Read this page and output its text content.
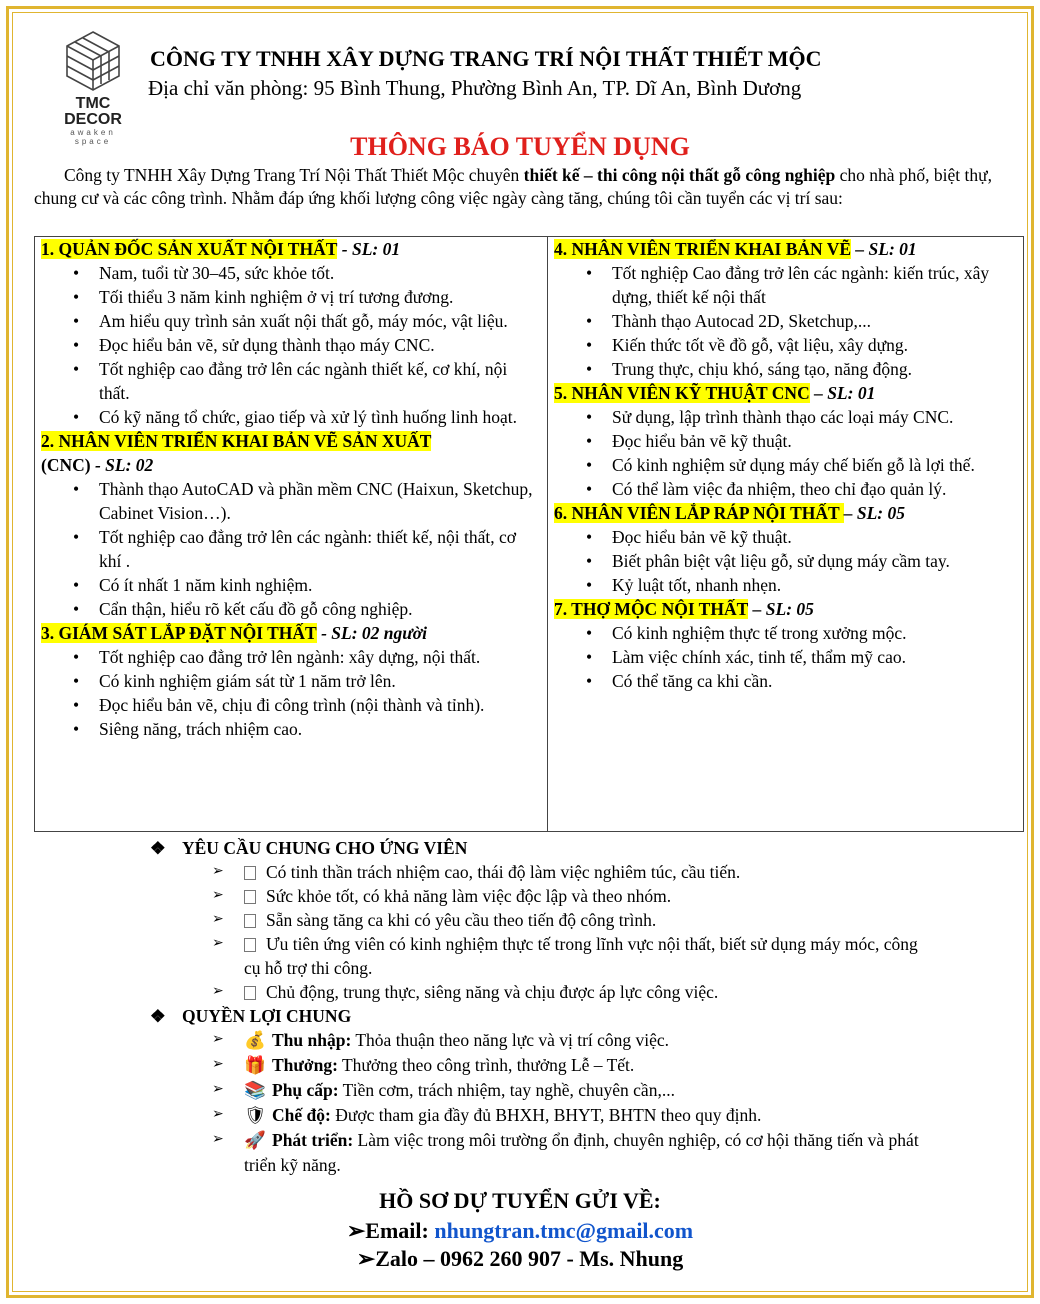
TMC DECOR
awaken space
CÔNG TY TNHH XÂY DỰNG TRANG TRÍ NỘI THẤT THIẾT MỘC
Địa chỉ văn phòng: 95 Bình Thung, Phường Bình An, TP. Dĩ An, Bình Dương
THÔNG BÁO TUYỂN DỤNG
Công ty TNHH Xây Dựng Trang Trí Nội Thất Thiết Mộc chuyên thiết kế – thi công nội thất gỗ công nghiệp cho nhà phố, biệt thự, chung cư và các công trình. Nhằm đáp ứng khối lượng công việc ngày càng tăng, chúng tôi cần tuyển các vị trí sau:
1. QUẢN ĐỐC SẢN XUẤT NỘI THẤT - SL: 01
• Nam, tuổi từ 30–45, sức khỏe tốt.
• Tối thiểu 3 năm kinh nghiệm ở vị trí tương đương.
• Am hiểu quy trình sản xuất nội thất gỗ, máy móc, vật liệu.
• Đọc hiểu bản vẽ, sử dụng thành thạo máy CNC.
• Tốt nghiệp cao đẳng trở lên các ngành thiết kế, cơ khí, nội thất.
• Có kỹ năng tổ chức, giao tiếp và xử lý tình huống linh hoạt.
2. NHÂN VIÊN TRIỂN KHAI BẢN VẼ SẢN XUẤT
(CNC) - SL: 02
• Thành thạo AutoCAD và phần mềm CNC (Haixun, Sketchup, Cabinet Vision…).
• Tốt nghiệp cao đẳng trở lên các ngành: thiết kế, nội thất, cơ khí .
• Có ít nhất 1 năm kinh nghiệm.
• Cẩn thận, hiểu rõ kết cấu đồ gỗ công nghiệp.
3. GIÁM SÁT LẮP ĐẶT NỘI THẤT - SL: 02 người
• Tốt nghiệp cao đẳng trở lên ngành: xây dựng, nội thất.
• Có kinh nghiệm giám sát từ 1 năm trở lên.
• Đọc hiểu bản vẽ, chịu đi công trình (nội thành và tỉnh).
• Siêng năng, trách nhiệm cao.
4. NHÂN VIÊN TRIỂN KHAI BẢN VẼ – SL: 01
• Tốt nghiệp Cao đẳng trở lên các ngành: kiến trúc, xây dựng, thiết kế nội thất
• Thành thạo Autocad 2D, Sketchup,...
• Kiến thức tốt về đồ gỗ, vật liệu, xây dựng.
• Trung thực, chịu khó, sáng tạo, năng động.
5. NHÂN VIÊN KỸ THUẬT CNC – SL: 01
• Sử dụng, lập trình thành thạo các loại máy CNC.
• Đọc hiểu bản vẽ kỹ thuật.
• Có kinh nghiệm sử dụng máy chế biến gỗ là lợi thế.
• Có thể làm việc đa nhiệm, theo chỉ đạo quản lý.
6. NHÂN VIÊN LẮP RÁP NỘI THẤT – SL: 05
• Đọc hiểu bản vẽ kỹ thuật.
• Biết phân biệt vật liệu gỗ, sử dụng máy cầm tay.
• Kỷ luật tốt, nhanh nhẹn.
7. THỢ MỘC NỘI THẤT – SL: 05
• Có kinh nghiệm thực tế trong xưởng mộc.
• Làm việc chính xác, tinh tế, thẩm mỹ cao.
• Có thể tăng ca khi cần.
❖ YÊU CẦU CHUNG CHO ỨNG VIÊN
➢ Có tinh thần trách nhiệm cao, thái độ làm việc nghiêm túc, cầu tiến.
➢ Sức khỏe tốt, có khả năng làm việc độc lập và theo nhóm.
➢ Sẵn sàng tăng ca khi có yêu cầu theo tiến độ công trình.
➢ Ưu tiên ứng viên có kinh nghiệm thực tế trong lĩnh vực nội thất, biết sử dụng máy móc, công cụ hỗ trợ thi công.
➢ Chủ động, trung thực, siêng năng và chịu được áp lực công việc.
❖ QUYỀN LỢI CHUNG
➢ 💰 Thu nhập: Thỏa thuận theo năng lực và vị trí công việc.
➢ 🎁 Thưởng: Thưởng theo công trình, thưởng Lễ – Tết.
➢ 📚 Phụ cấp: Tiền cơm, trách nhiệm, tay nghề, chuyên cần,...
➢ 🛡 Chế độ: Được tham gia đầy đủ BHXH, BHYT, BHTN theo quy định.
➢ 🚀 Phát triển: Làm việc trong môi trường ổn định, chuyên nghiệp, có cơ hội thăng tiến và phát triển kỹ năng.
HỒ SƠ DỰ TUYỂN GỬI VỀ:
➢Email: nhungtran.tmc@gmail.com
➢Zalo – 0962 260 907 - Ms. Nhung
